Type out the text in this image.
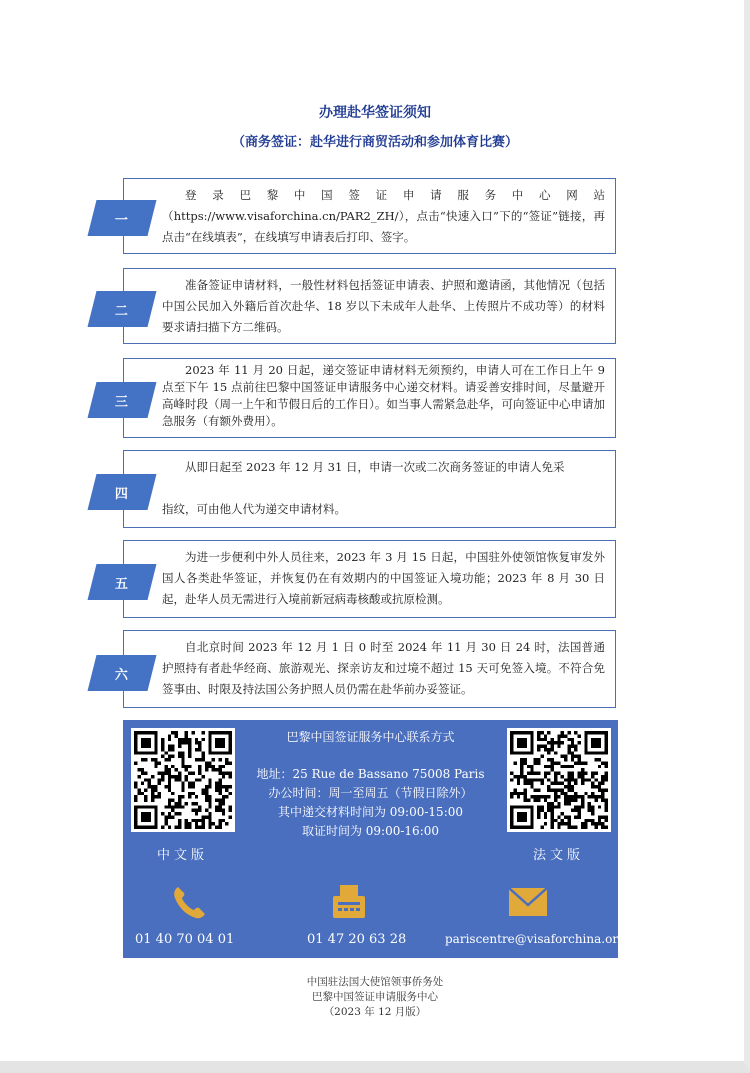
办理赴华签证须知
（商务签证：赴华进行商贸活动和参加体育比赛）
登录巴黎中国签证申请服务中心网站（https://www.visaforchina.cn/PAR2_ZH/），点击“快速入口”下的“签证”链接，再点击“在线填表”，在线填写申请表后打印、签字。
一
准备签证申请材料，一般性材料包括签证申请表、护照和邀请函，其他情况（包括中国公民加入外籍后首次赴华、18 岁以下未成年人赴华、上传照片不成功等）的材料要求请扫描下方二维码。
二
2023 年 11 月 20 日起，递交签证申请材料无须预约，申请人可在工作日上午 9 点至下午 15 点前往巴黎中国签证申请服务中心递交材料。请妥善安排时间，尽量避开高峰时段（周一上午和节假日后的工作日）。如当事人需紧急赴华，可向签证中心申请加急服务（有额外费用）。
三
从即日起至 2023 年 12 月 31 日，申请一次或二次商务签证的申请人免采
指纹，可由他人代为递交申请材料。
四
为进一步便利中外人员往来，2023 年 3 月 15 日起，中国驻外使领馆恢复审发外国人各类赴华签证，并恢复仍在有效期内的中国签证入境功能；2023 年 8 月 30 日起，赴华人员无需进行入境前新冠病毒核酸或抗原检测。
五
自北京时间 2023 年 12 月 1 日 0 时至 2024 年 11 月 30 日 24 时，法国普通护照持有者赴华经商、旅游观光、探亲访友和过境不超过 15 天可免签入境。不符合免签事由、时限及持法国公务护照人员仍需在赴华前办妥签证。
六
中文版	法文版
巴黎中国签证服务中心联系方式
地址：25 Rue de Bassano 75008 Paris
办公时间：周一至周五（节假日除外）
其中递交材料时间为 09:00-15:00
取证时间为 09:00-16:00
01 40 70 04 01	01 47 20 63 28	pariscentre@visaforchina.org
中国驻法国大使馆领事侨务处
巴黎中国签证申请服务中心
（2023 年 12 月版）
